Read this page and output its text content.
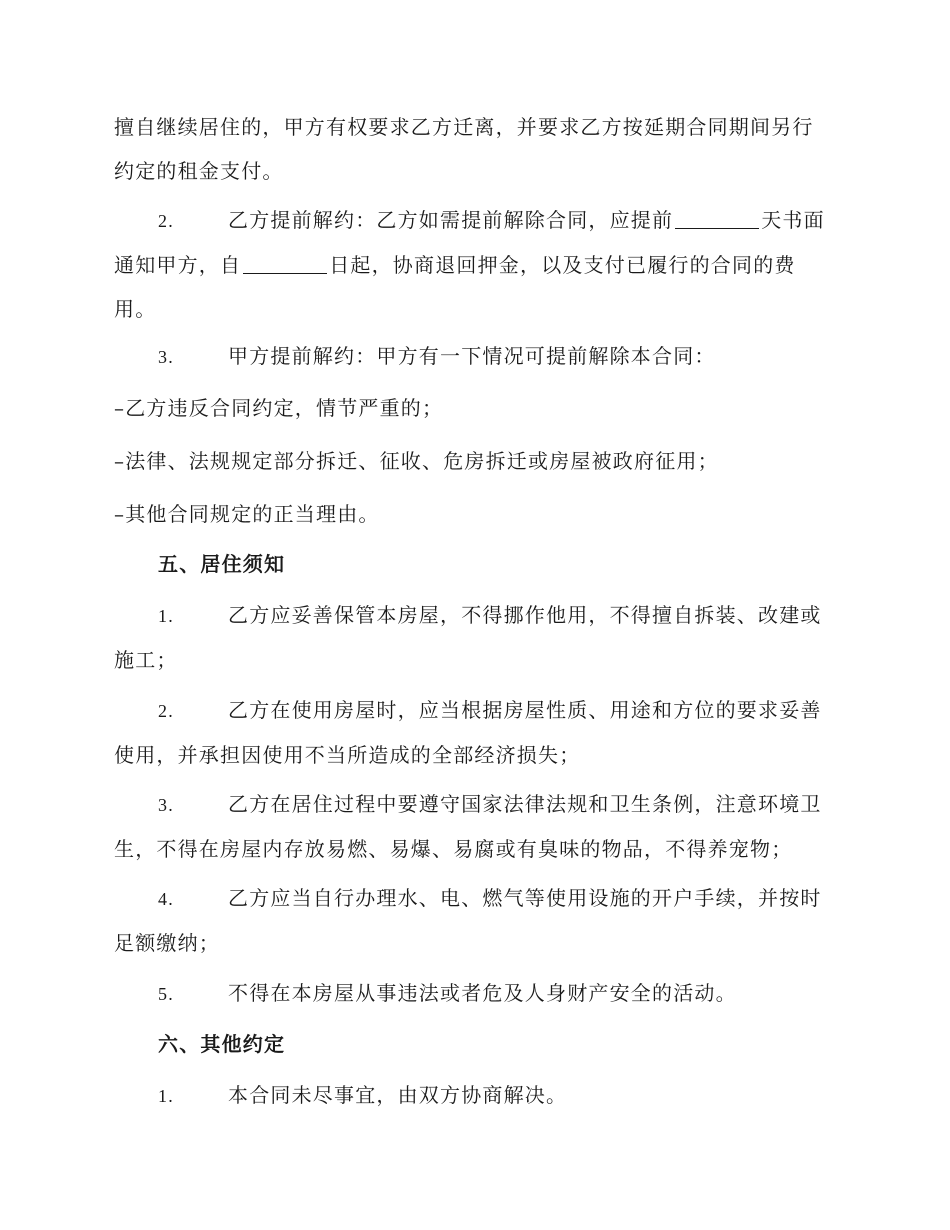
擅自继续居住的，甲方有权要求乙方迁离，并要求乙方按延期合同期间另行
约定的租金支付。
2.	乙方提前解约：乙方如需提前解除合同，应提前	天书面
通知甲方，自	日起，协商退回押金，以及支付已履行的合同的费
用。
3.	甲方提前解约：甲方有一下情况可提前解除本合同：
–乙方违反合同约定，情节严重的；
–法律、法规规定部分拆迁、征收、危房拆迁或房屋被政府征用；
–其他合同规定的正当理由。
五、居住须知
1.	乙方应妥善保管本房屋，不得挪作他用，不得擅自拆装、改建或
施工；
2.	乙方在使用房屋时，应当根据房屋性质、用途和方位的要求妥善
使用，并承担因使用不当所造成的全部经济损失；
3.	乙方在居住过程中要遵守国家法律法规和卫生条例，注意环境卫
生，不得在房屋内存放易燃、易爆、易腐或有臭味的物品，不得养宠物；
4.	乙方应当自行办理水、电、燃气等使用设施的开户手续，并按时
足额缴纳；
5.	不得在本房屋从事违法或者危及人身财产安全的活动。
六、其他约定
1.	本合同未尽事宜，由双方协商解决。
